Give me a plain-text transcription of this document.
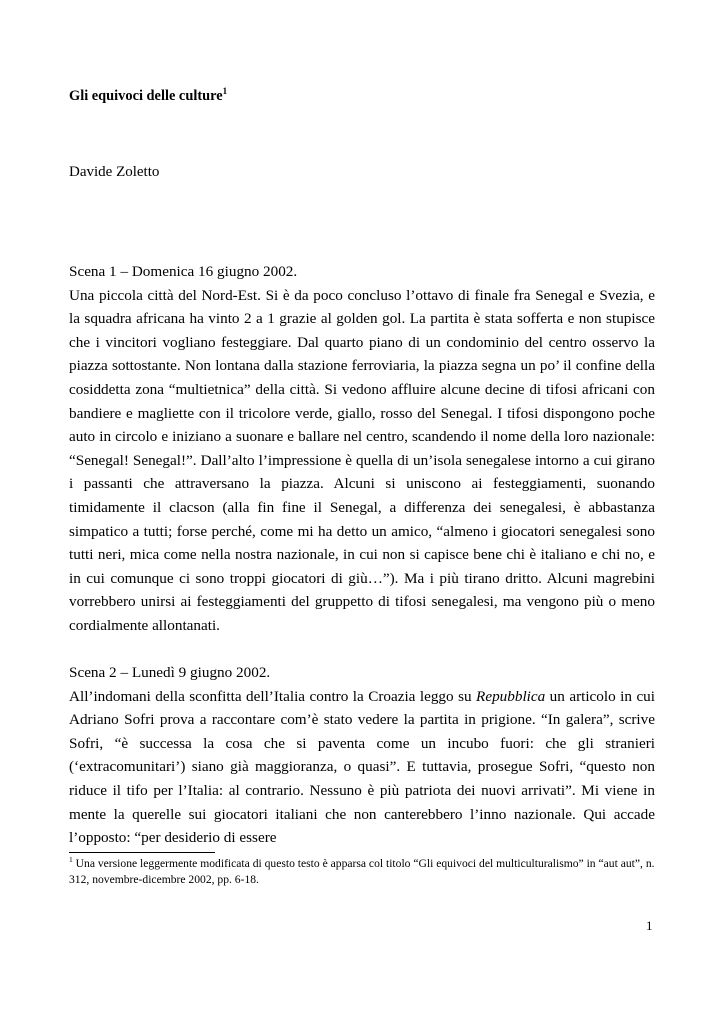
Gli equivoci delle culture$^1$

Davide Zoletto

Scena 1 – Domenica 16 giugno 2002.

Una piccola città del Nord-Est. Si è da poco concluso l’ottavo di finale fra Senegal e Svezia, e la squadra africana ha vinto 2 a 1 grazie al golden gol. La partita è stata sofferta e non stupisce che i vincitori vogliano festeggiare. Dal quarto piano di un condominio del centro osservo la piazza sottostante. Non lontana dalla stazione ferroviaria, la piazza segna un po’ il confine della cosiddetta zona “multietnica” della città. Si vedono affluire alcune decine di tifosi africani con bandiere e magliette con il tricolore verde, giallo, rosso del Senegal. I tifosi dispongono poche auto in circolo e iniziano a suonare e ballare nel centro, scandendo il nome della loro nazionale: “Senegal! Senegal!”. Dall’alto l’impressione è quella di un’isola senegalese intorno a cui girano i passanti che attraversano la piazza. Alcuni si uniscono ai festeggiamenti, suonando timidamente il clacson (alla fin fine il Senegal, a differenza dei senegalesi, è abbastanza simpatico a tutti; forse perché, come mi ha detto un amico, “almeno i giocatori senegalesi sono tutti neri, mica come nella nostra nazionale, in cui non si capisce bene chi è italiano e chi no, e in cui comunque ci sono troppi giocatori di giù…”). Ma i più tirano dritto. Alcuni magrebini vorrebbero unirsi ai festeggiamenti del gruppetto di tifosi senegalesi, ma vengono più o meno cordialmente allontanati.

Scena 2 – Lunedì 9 giugno 2002.

All’indomani della sconfitta dell’Italia contro la Croazia leggo su Repubblica un articolo in cui Adriano Sofri prova a raccontare com’è stato vedere la partita in prigione. “In galera”, scrive Sofri, “è successa la cosa che si paventa come un incubo fuori: che gli stranieri (‘extracomunitari’) siano già maggioranza, o quasi”. E tuttavia, prosegue Sofri, “questo non riduce il tifo per l’Italia: al contrario. Nessuno è più patriota dei nuovi arrivati”. Mi viene in mente la querelle sui giocatori italiani che non canterebbero l’inno nazionale. Qui accade l’opposto: “per desiderio di essere

$^1$ Una versione leggermente modificata di questo testo è apparsa col titolo “Gli equivoci del multiculturalismo” in “aut aut”, n. 312, novembre-dicembre 2002, pp. 6-18.

1
